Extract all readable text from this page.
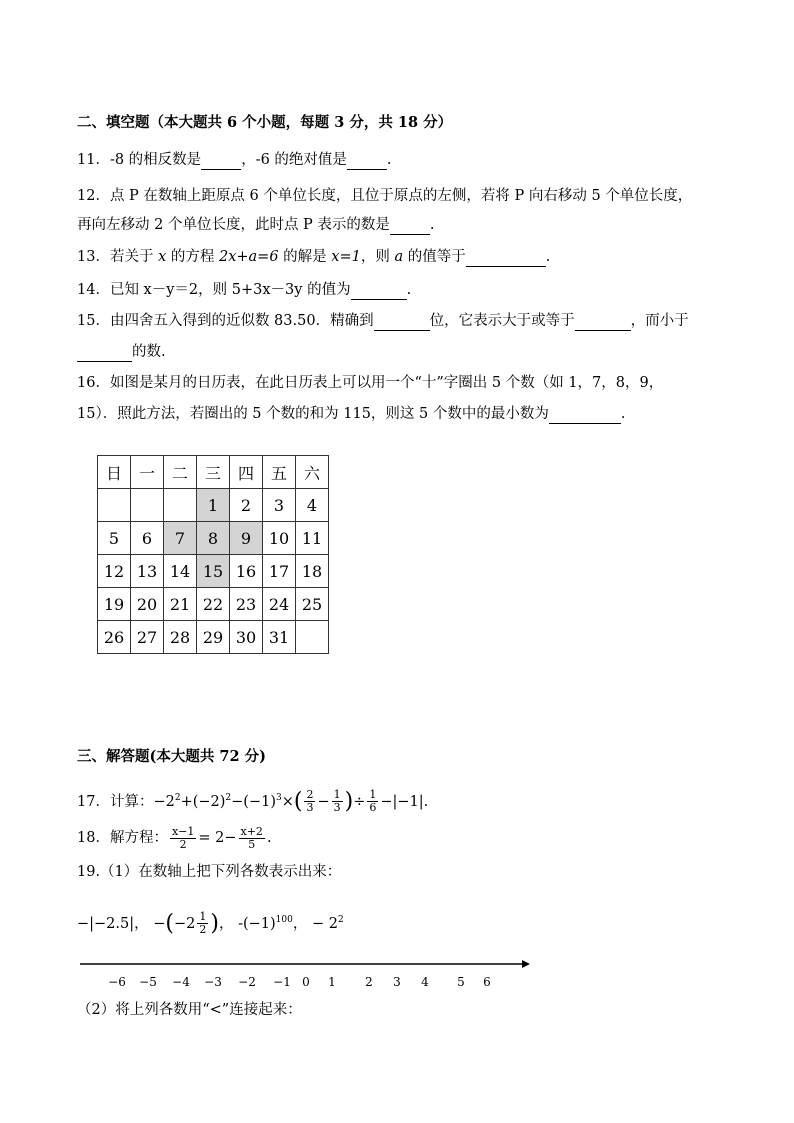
二、填空题（本大题共 6 个小题，每题 3 分，共 18 分）
11．-8 的相反数是	，-6 的绝对值是	.
12．点 P 在数轴上距原点 6 个单位长度，且位于原点的左侧，若将 P 向右移动 5 个单位长度，
再向左移动 2 个单位长度，此时点 P 表示的数是	.
13．若关于 x 的方程 2x+a=6 的解是 x=1，则 a 的值等于	.
14．已知 x－y＝2，则 5+3x－3y 的值为	.
15．由四舍五入得到的近似数 83.50．精确到	位，它表示大于或等于	，而小于
的数.
16．如图是某月的日历表，在此日历表上可以用一个“十”字圈出 5 个数（如 1，7，8，9，
15）．照此方法，若圈出的 5 个数的和为 115，则这 5 个数中的最小数为	.
日	一	二	三	四	五	六
			1	2	3	4
5	6	7	8	9	10	11
12	13	14	15	16	17	18
19	20	21	22	23	24	25
26	27	28	29	30	31	
三、解答题(本大题共 72 分)
17．计算：$-2^2+(-2)^2-(-1)^3\times( \frac{2}{3} - \frac{1}{3}$ )÷ $\frac{1}{6} -|-1|$.
18．解方程： $\frac{x-1}{2} = 2- \frac{x+2}{5}$ .
19.（1）在数轴上把下列各数表示出来：
−|−2.5|， $-(-2 \frac{1}{2}$ )， $-(-1)^{100}$， − $2^2$
−6 −5 −4 −3 −2 −1 0 1 2 3 4 5 6
（2）将上列各数用“<”连接起来：
